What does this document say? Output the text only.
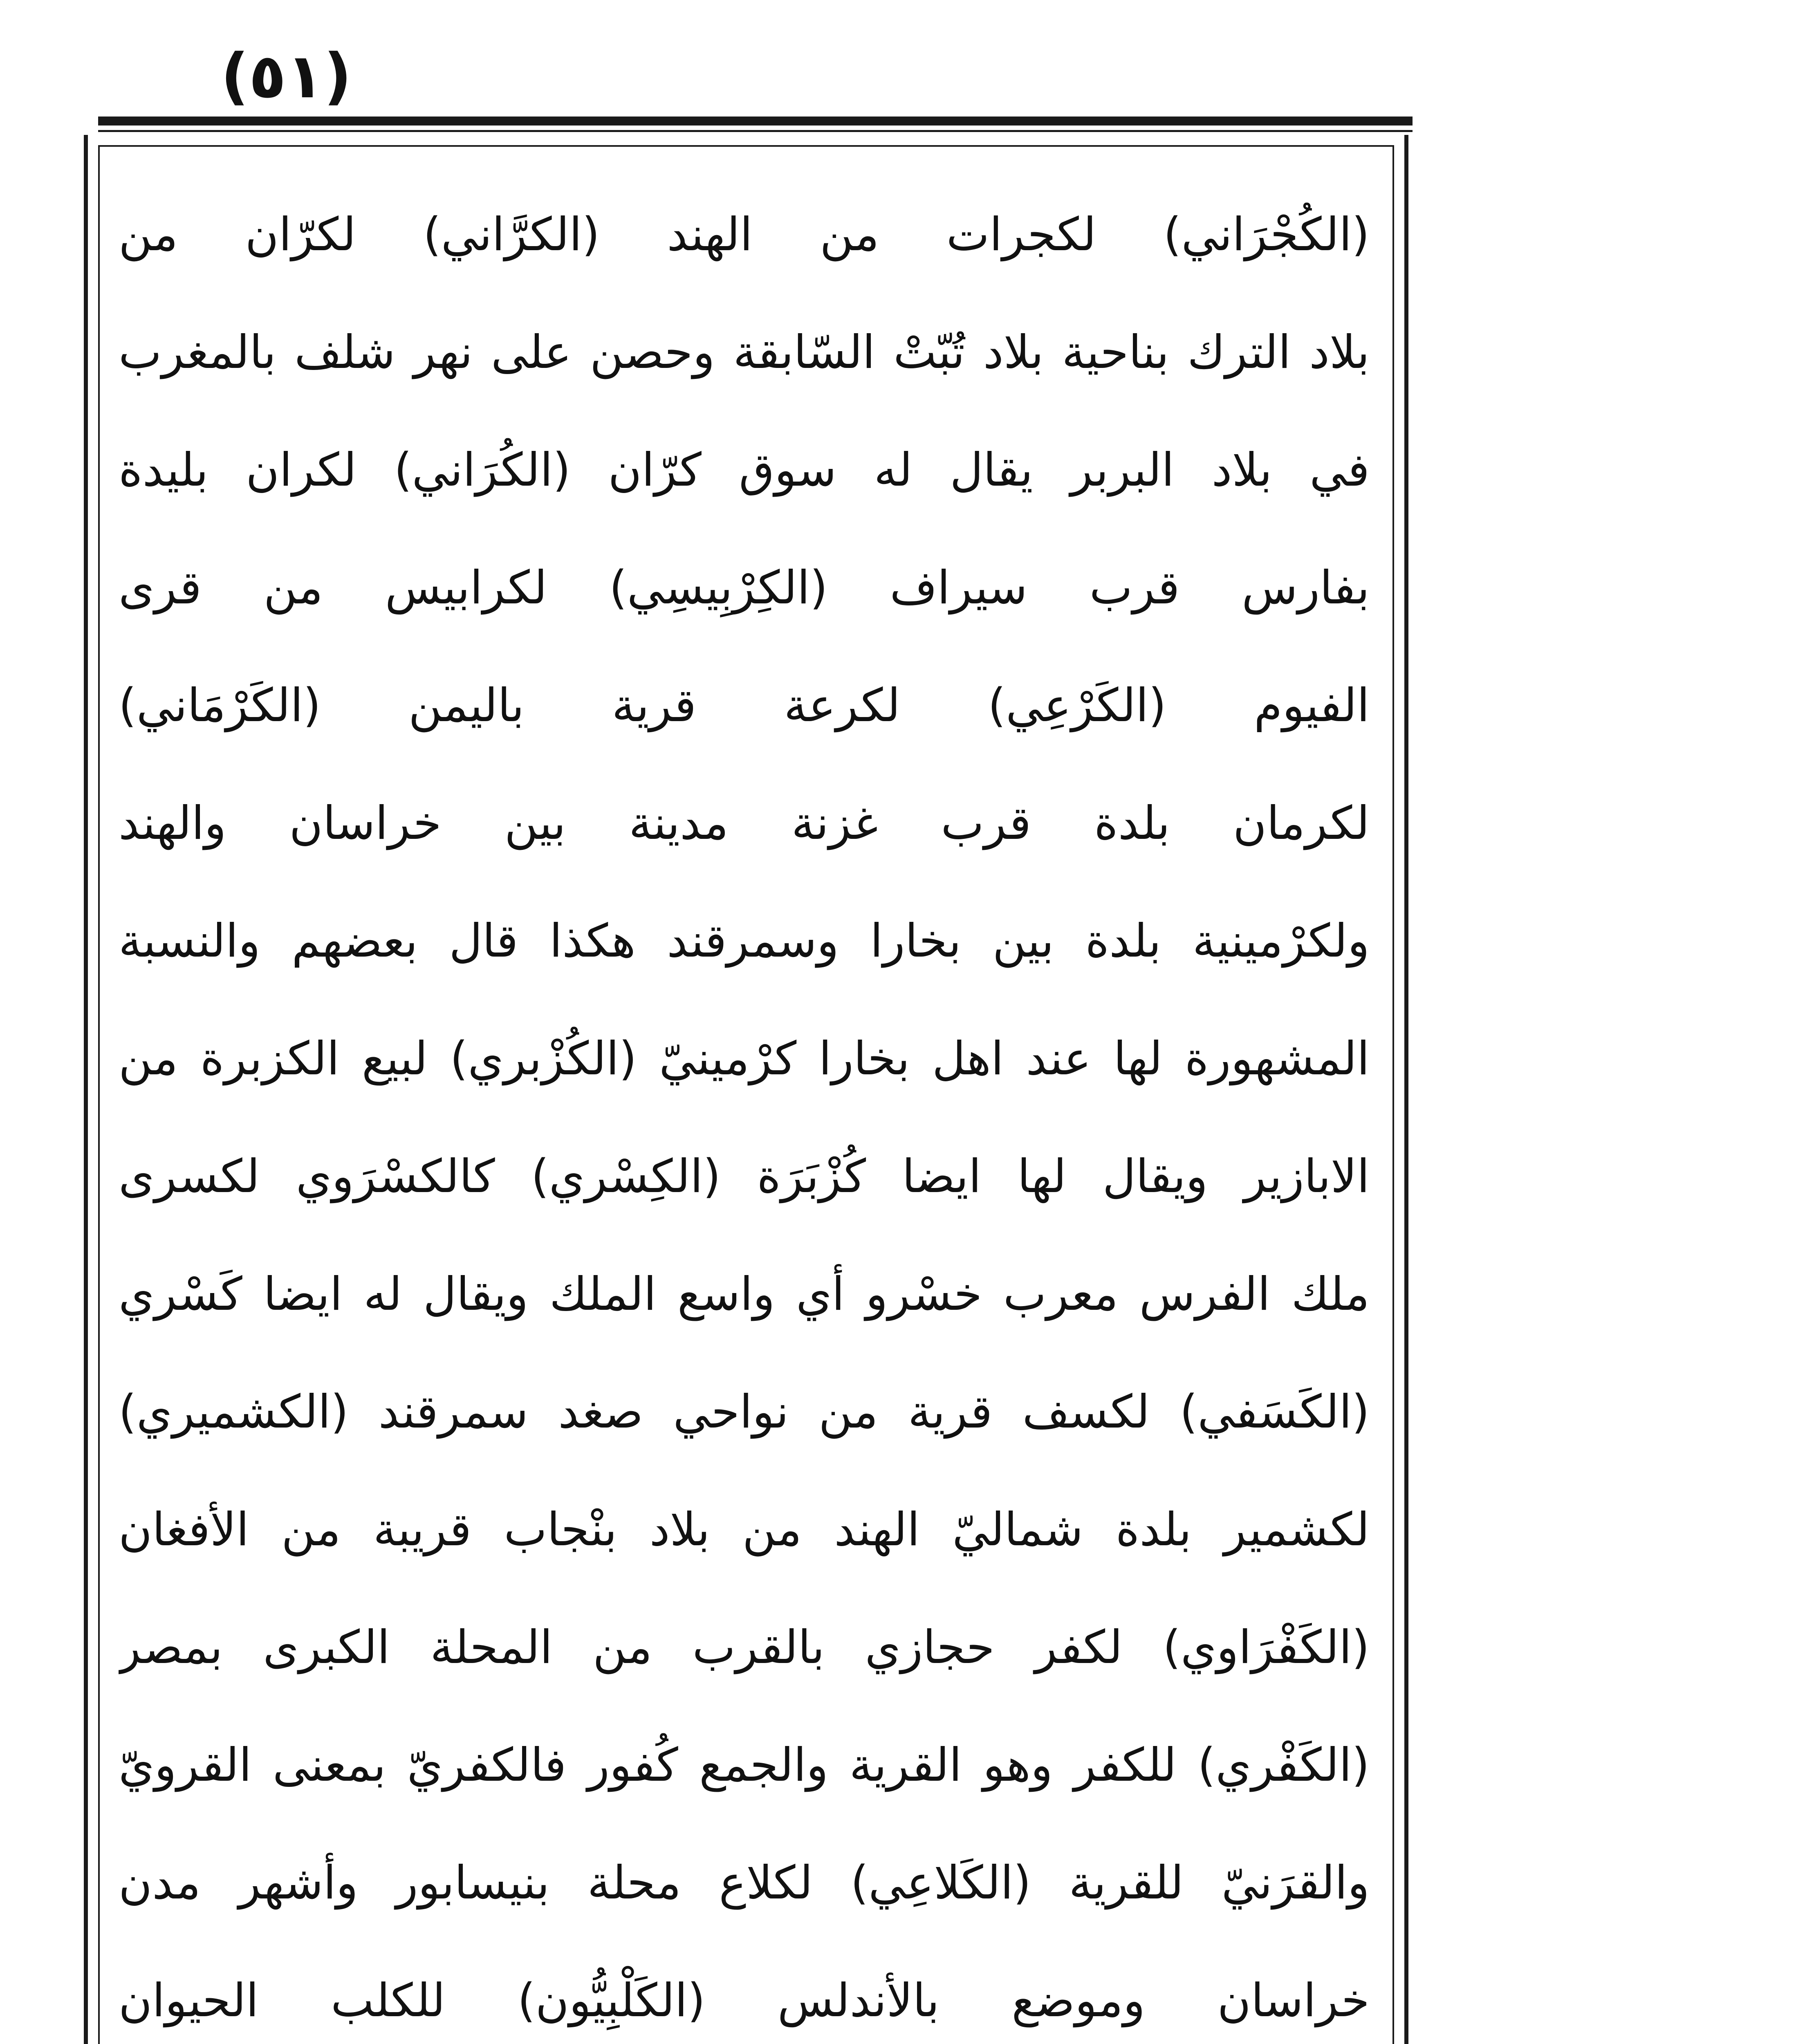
(٥١)
(الكُجْرَاني) لكجرات من الهند (الكرَّاني) لكرّان من
بلاد الترك بناحية بلاد تُبّتْ السّابقة وحصن على نهر شلف بالمغرب
في بلاد البربر يقال له سوق كرّان (الكُرَاني) لكران بليدة
بفارس قرب سيراف (الكِرْبِيسِي) لكرابيس من قرى
الفيوم (الكَرْعِي) لكرعة قرية باليمن (الكَرْمَاني)
لكرمان بلدة قرب غزنة مدينة بين خراسان والهند
ولكرْمينية بلدة بين بخارا وسمرقند هكذا قال بعضهم والنسبة
المشهورة لها عند اهل بخارا كرْمينيّ (الكُزْبري) لبيع الكزبرة من
الابازير ويقال لها ايضا كُزْبَرَة (الكِسْري) كالكسْرَوي لكسرى
ملك الفرس معرب خسْرو أي واسع الملك ويقال له ايضا كَسْري
(الكَسَفي) لكسف قرية من نواحي صغد سمرقند (الكشميري)
لكشمير بلدة شماليّ الهند من بلاد بنْجاب قريبة من الأفغان
(الكَفْرَاوي) لكفر حجازي بالقرب من المحلة الكبرى بمصر
(الكَفْري) للكفر وهو القرية والجمع كُفور فالكفريّ بمعنى القرويّ
والقرَنيّ للقرية (الكَلاعِي) لكلاع محلة بنيسابور وأشهر مدن
خراسان وموضع بالأندلس (الكَلْبِيُّون) للكلب الحيوان
